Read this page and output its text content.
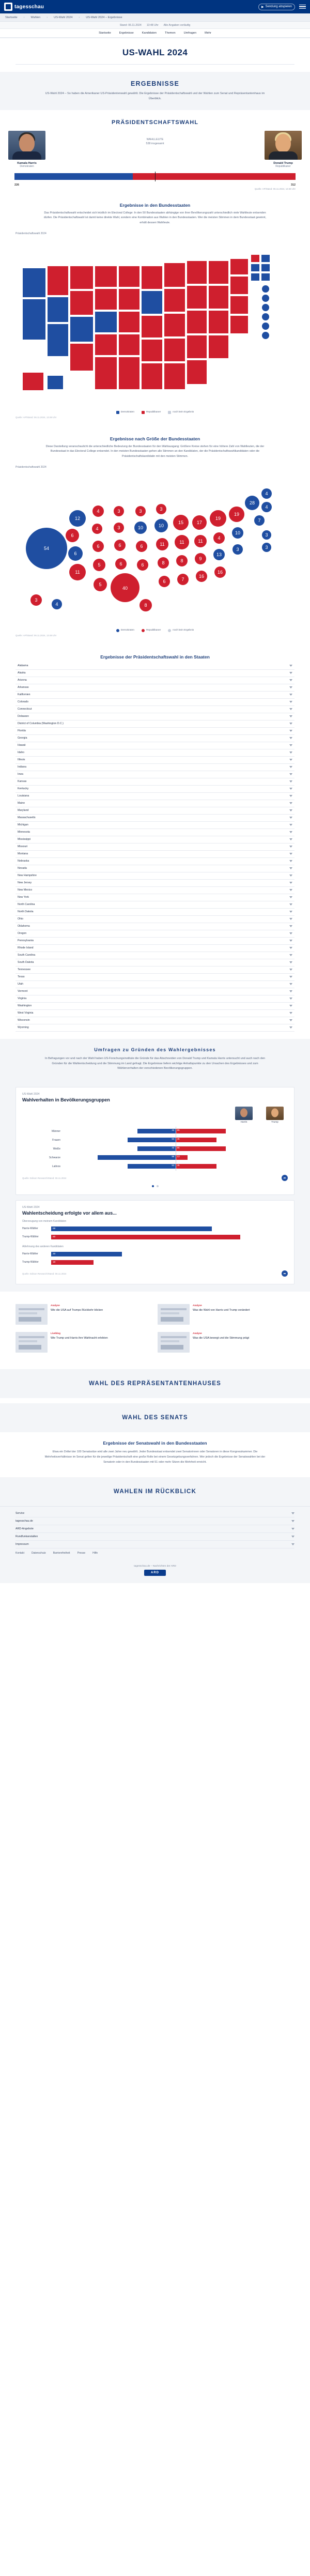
tagesschau	▶ Sendung abspielen
Startseite › Wahlen › US-Wahl 2024 › US-Wahl 2024 – Ergebnisse
Stand: 06.11.2024 13:48 Uhr Alle Angaben vorläufig
Startseite	Ergebnisse	Kandidaten	Themen	Umfragen	Mehr
US-WAHL 2024
ERGEBNISSE

US-Wahl 2024 – So haben die Amerikaner US-Präsidentenwahl gewählt. Die Ergebnisse der Präsidentschaftswahl und der Wahlen zum Senat und Repräsentantenhaus im Überblick.

PRÄSIDENTSCHAFTSWAHL
Kamala Harris
Demokraten
WAHLLEUTE
538 insgesamt
Donald Trump
Republikaner
226	312
Quelle: AP/Stand: 06.11.2024, 13:48 Uhr
Ergebnisse in den Bundesstaaten

Das Präsidentschaftswahl entscheidet sich letztlich im Electoral College: In den 50 Bundesstaaten abhängige von ihrer Bevölkerungszahl unterschiedlich viele Wahlleute entsenden dürfen. Die Präsidentschaftswahl ist damit keine direkte Wahl, sondern eine Kombination aus Wahlen in den Bundesstaaten. Wer die meisten Stimmen in dem Bundesstaat gewinnt, erhält dessen Wahlleute.

Präsidentschaftswahl 2024
Demokraten	Republikaner	noch kein Ergebnis
Quelle: AP/Stand: 06.11.2024, 13:48 Uhr
Ergebnisse nach Größe der Bundesstaaten

Diese Darstellung veranschaulicht die unterschiedliche Bedeutung der Bundesstaaten für den Wahlausgang: Größere Kreise stehen für eine höhere Zahl von Wahlleuten, die der Bundesstaat in das Electoral College entsendet. In den meisten Bundesstaaten gehen alle Stimmen an den Kandidaten, der die Präsidentschaftswahlkandidaten oder die Präsidentschaftskandidatin mit den meisten Stimmen.

Präsidentschaftswahl 2024
54
12
6
6
11
4
4
6
5
5
3
3
6
6
40
3
10
6
6
8
3
10
11
8
6
15
11
8
7
17
11
9
16
19
4
13
16
19
10
3
28
7
4
4
3
3
3
4
Demokraten	Republikaner	noch kein Ergebnis
Quelle: AP/Stand: 06.11.2024, 13:48 Uhr
Ergebnisse der Präsidentschaftswahl in den Staaten
Alabama
Alaska
Arizona
Arkansas
Kalifornien
Colorado
Connecticut
Delaware
District of Columbia (Washington D.C.)
Florida
Georgia
Hawaii
Idaho
Illinois
Indiana
Iowa
Kansas
Kentucky
Louisiana
Maine
Maryland
Massachusetts
Michigan
Minnesota
Mississippi
Missouri
Montana
Nebraska
Nevada
New Hampshire
New Jersey
New Mexico
New York
North Carolina
North Dakota
Ohio
Oklahoma
Oregon
Pennsylvania
Rhode Island
South Carolina
South Dakota
Tennessee
Texas
Utah
Vermont
Virginia
Washington
West Virginia
Wisconsin
Wyoming
Umfragen zu Gründen des Wahlergebnisses

In Befragungen vor und nach der Wahl haben US-Forschungsinstitute die Gründe für das Abschneiden von Donald Trump und Kamala Harris untersucht und auch nach den Gründen für die Wahlentscheidung und die Stimmung im Land gefragt. Die Ergebnisse liefern wichtige Anhaltspunkte zu den Ursachen des Ergebnisses und zum Wählerverhalten der verschiedenen Bevölkerungsgruppen.

US-Wahl 2024
Wahlverhalten in Bevölkerungsgruppen
Harris	Trump
Männer	42 55
Frauen	53 45
Weiße	42 55
Schwarze	86 13
Latinos	53 45
Quelle: Edison Research/Stand: 06.11.2024	➦
US-Wahl 2024
Wahlentscheidung erfolgte vor allem aus...
Überzeugung von meinem Kandidaten
Harris-Wähler	68
Trump-Wähler	80
Ablehnung des anderen Kandidaten
Harris-Wähler	30
Trump-Wähler	18
Quelle: Edison Research/Stand: 06.11.2024	➦
Analyse
Wie die USA auf Trumps Rückkehr blicken
Analyse
Was die Wahl von Harris und Trump verändert
Liveblog
Wie Trump und Harris ihre Wahlnacht erlebten
Analyse
Was die USA bewegt und die Stimmung prägt
WAHL DES REPRÄSENTANTENHAUSES
WAHL DES SENATS
Ergebnisse der Senatswahl in den Bundesstaaten

Etwa ein Drittel der 100 Senatssitze wird alle zwei Jahre neu gewählt. Jeder Bundesstaat entsendet zwei Senatorinnen oder Senatoren in diese Kongresskammer. Die Mehrheitsverhältnisse im Senat gelten für die jeweilige Präsidentschaft eine große Rolle bei einem Gesetzgebungsverfahren. Wer jedoch die Ergebnisse der Senatswahlen bei der Senatorin oder in den Bundesstaaten mit 51 oder mehr Sitzen die Mehrheit erreicht.

WAHLEN IM RÜCKBLICK
Service
tagesschau.de
ARD-Angebote
Rundfunkanstalten
Impressum
Kontakt	Datenschutz	Barrierefreiheit	Presse	Hilfe
tagesschau.de – Nachrichten der ARD
ARD
